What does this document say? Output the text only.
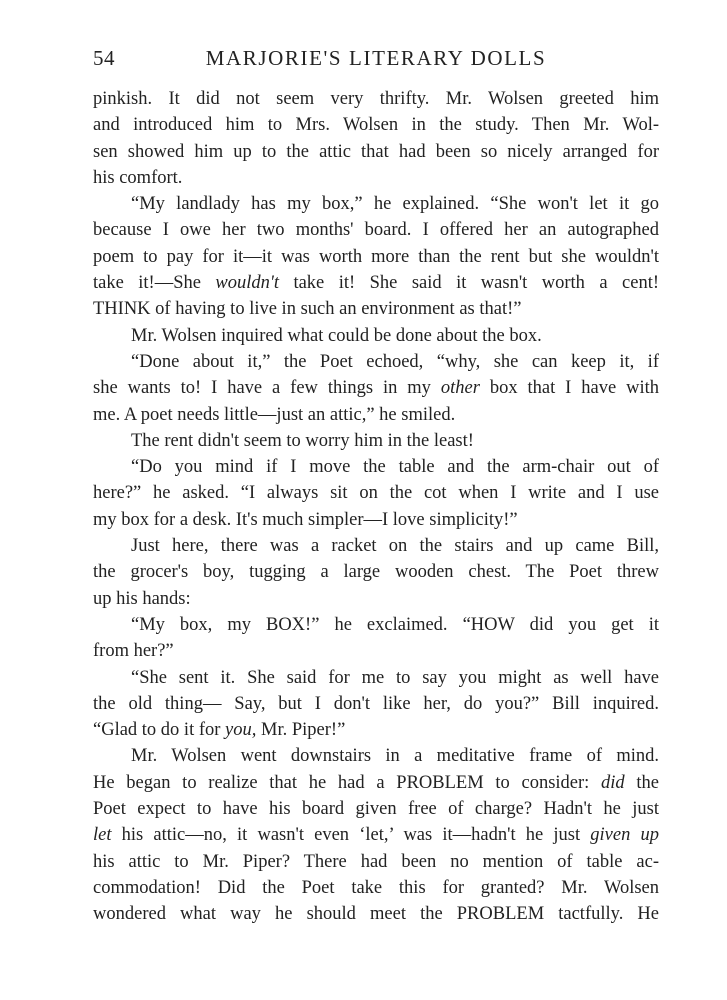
54	MARJORIE'S LITERARY DOLLS
pinkish. It did not seem very thrifty. Mr. Wolsen greeted him
and introduced him to Mrs. Wolsen in the study. Then Mr. Wol-
sen showed him up to the attic that had been so nicely arranged for
his comfort.
“My landlady has my box,” he explained. “She won't let it go
because I owe her two months' board. I offered her an autographed
poem to pay for it—it was worth more than the rent but she wouldn't
take it!—She wouldn't take it! She said it wasn't worth a cent!
THINK of having to live in such an environment as that!”
Mr. Wolsen inquired what could be done about the box.
“Done about it,” the Poet echoed, “why, she can keep it, if
she wants to! I have a few things in my other box that I have with
me. A poet needs little—just an attic,” he smiled.
The rent didn't seem to worry him in the least!
“Do you mind if I move the table and the arm-chair out of
here?” he asked. “I always sit on the cot when I write and I use
my box for a desk. It's much simpler—I love simplicity!”
Just here, there was a racket on the stairs and up came Bill,
the grocer's boy, tugging a large wooden chest. The Poet threw
up his hands:
“My box, my BOX!” he exclaimed. “HOW did you get it
from her?”
“She sent it. She said for me to say you might as well have
the old thing— Say, but I don't like her, do you?” Bill inquired.
“Glad to do it for you, Mr. Piper!”
Mr. Wolsen went downstairs in a meditative frame of mind.
He began to realize that he had a PROBLEM to consider: did the
Poet expect to have his board given free of charge? Hadn't he just
let his attic—no, it wasn't even ‘let,’ was it—hadn't he just given up
his attic to Mr. Piper? There had been no mention of table ac-
commodation! Did the Poet take this for granted? Mr. Wolsen
wondered what way he should meet the PROBLEM tactfully. He
